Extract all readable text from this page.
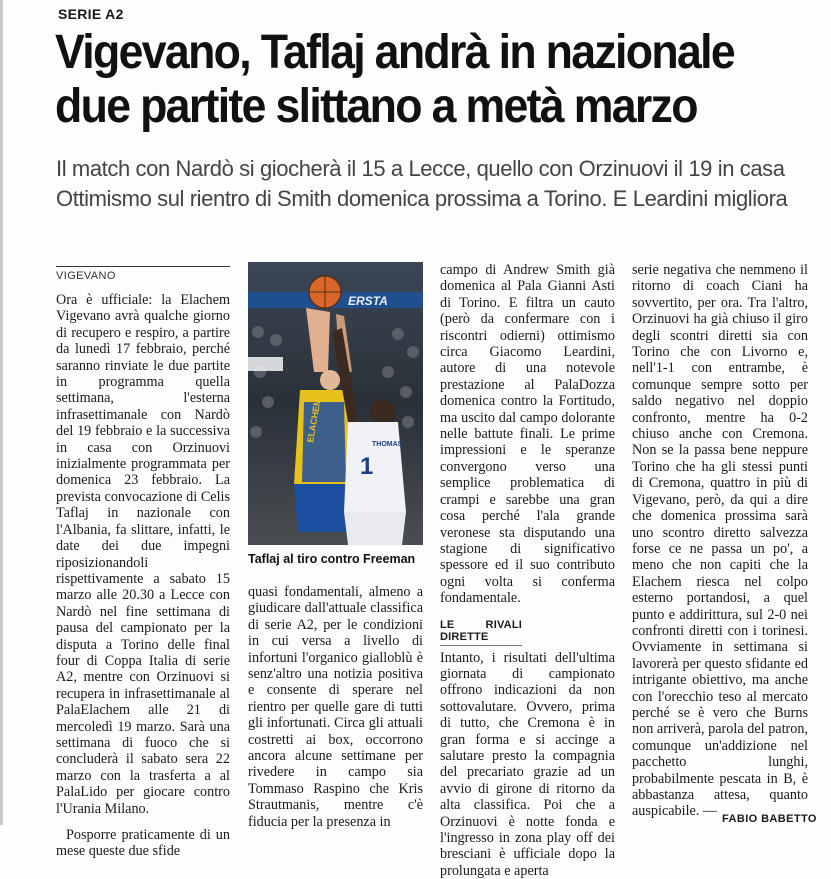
SERIE A2
Vigevano, Taflaj andrà in nazionale
due partite slittano a metà marzo
Il match con Nardò si giocherà il 15 a Lecce, quello con Orzinuovi il 19 in casa
Ottimismo sul rientro di Smith domenica prossima a Torino. E Leardini migliora
VIGEVANO

Ora è ufficiale: la Elachem Vigevano avrà qualche giorno di recupero e respiro, a partire da lunedì 17 febbraio, perché saranno rinviate le due partite in programma quella settimana, l'esterna infrasettimanale con Nardò del 19 febbraio e la successiva in casa con Orzinuovi inizialmente programmata per domenica 23 febbraio. La prevista convocazione di Celis Taflaj in nazionale con l'Albania, fa slittare, infatti, le date dei due impegni riposizionandoli rispettivamente a sabato 15 marzo alle 20.30 a Lecce con Nardò nel fine settimana di pausa del campionato per la disputa a Torino delle final four di Coppa Italia di serie A2, mentre con Orzinuovi si recupera in infrasettimanale al PalaElachem alle 21 di mercoledì 19 marzo. Sarà una settimana di fuoco che si concluderà il sabato sera 22 marzo con la trasferta a al PalaLido per giocare contro l'Urania Milano.

Posporre praticamente di un mese queste due sfide

ERSTA
ELACHEM
1
THOMAS
Taflaj al tiro contro Freeman

quasi fondamentali, almeno a giudicare dall'attuale classifica di serie A2, per le condizioni in cui versa a livello di infortuni l'organico gialloblù è senz'altro una notizia positiva e consente di sperare nel rientro per quelle gare di tutti gli infortunati. Circa gli attuali costretti ai box, occorrono ancora alcune settimane per rivedere in campo sia Tommaso Raspino che Kris Strautmanis, mentre c'è fiducia per la presenza in

campo di Andrew Smith già domenica al Pala Gianni Asti di Torino. E filtra un cauto (però da confermare con i riscontri odierni) ottimismo circa Giacomo Leardini, autore di una notevole prestazione al PalaDozza domenica contro la Fortitudo, ma uscito dal campo dolorante nelle battute finali. Le prime impressioni e le speranze convergono verso una semplice problematica di crampi e sarebbe una gran cosa perché l'ala grande veronese sta disputando una stagione di significativo spessore ed il suo contributo ogni volta si conferma fondamentale.

LE RIVALI DIRETTE

Intanto, i risultati dell'ultima giornata di campionato offrono indicazioni da non sottovalutare. Ovvero, prima di tutto, che Cremona è in gran forma e si accinge a salutare presto la compagnia del precariato grazie ad un avvio di girone di ritorno da alta classifica. Poi che a Orzinuovi è notte fonda e l'ingresso in zona play off dei bresciani è ufficiale dopo la prolungata e aperta

serie negativa che nemmeno il ritorno di coach Ciani ha sovvertito, per ora. Tra l'altro, Orzinuovi ha già chiuso il giro degli scontri diretti sia con Torino che con Livorno e, nell'1-1 con entrambe, è comunque sempre sotto per saldo negativo nel doppio confronto, mentre ha 0-2 chiuso anche con Cremona. Non se la passa bene neppure Torino che ha gli stessi punti di Cremona, quattro in più di Vigevano, però, da qui a dire che domenica prossima sarà uno scontro diretto salvezza forse ce ne passa un po', a meno che non capiti che la Elachem riesca nel colpo esterno portandosi, a quel punto e addirittura, sul 2-0 nei confronti diretti con i torinesi. Ovviamente in settimana si lavorerà per questo sfidante ed intrigante obiettivo, ma anche con l'orecchio teso al mercato perché se è vero che Burns non arriverà, parola del patron, comunque un'addizione nel pacchetto lunghi, probabilmente pescata in B, è abbastanza attesa, quanto auspicabile. — FABIO BABETTO
